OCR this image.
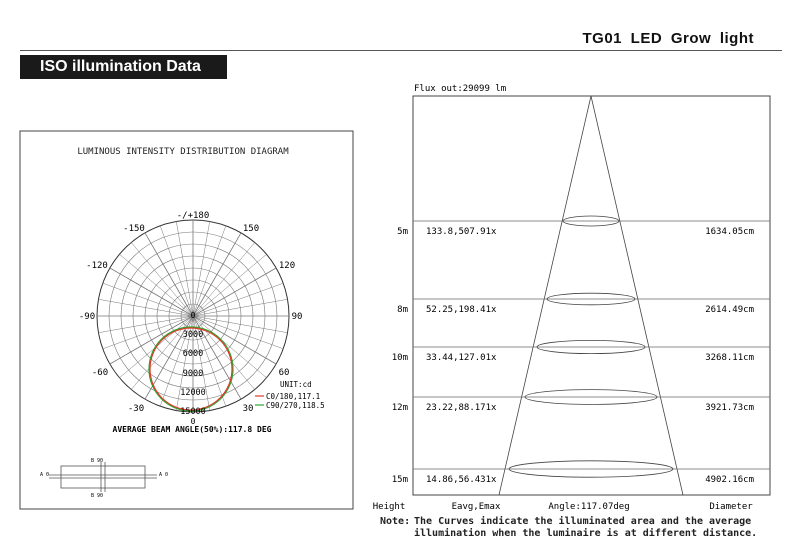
TG01 LED Grow light
ISO illumination Data
LUMINOUS INTENSITY DISTRIBUTION DIAGRAM
-/+180
-150	150
-120	120
-90	90
-60	60
-30	30
0
0
3000
6000
9000
12000
15000
UNIT:cd
C0/180,117.1
C90/270,118.5
AVERAGE BEAM ANGLE(50%):117.8 DEG
B 90
B 90
A 0	A 0
Flux out:29099 lm
5m 133.8,507.91x	1634.05cm
8m 52.25,198.41x	2614.49cm
10m 33.44,127.01x	3268.11cm
12m 23.22,88.171x	3921.73cm
15m 14.86,56.431x	4902.16cm
Height	Eavg,Emax	Angle:117.07deg	Diameter
Note: The Curves indicate the illuminated area and the average
illumination when the luminaire is at different distance.
